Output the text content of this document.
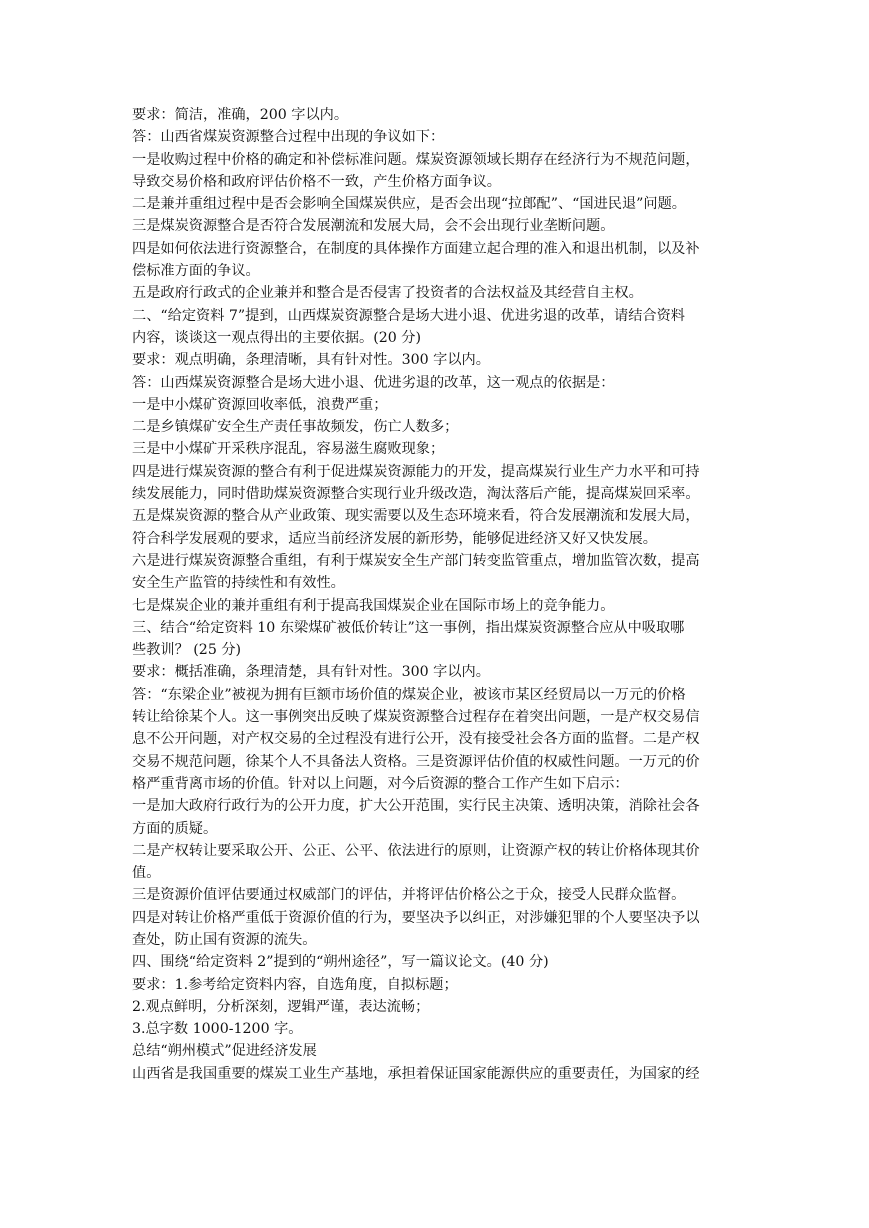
要求：简洁，准确，200 字以内。
答：山西省煤炭资源整合过程中出现的争议如下：
一是收购过程中价格的确定和补偿标准问题。煤炭资源领域长期存在经济行为不规范问题，
导致交易价格和政府评估价格不一致，产生价格方面争议。
二是兼并重组过程中是否会影响全国煤炭供应，是否会出现“拉郎配”、“国进民退”问题。
三是煤炭资源整合是否符合发展潮流和发展大局，会不会出现行业垄断问题。
四是如何依法进行资源整合，在制度的具体操作方面建立起合理的准入和退出机制，以及补
偿标准方面的争议。
五是政府行政式的企业兼并和整合是否侵害了投资者的合法权益及其经营自主权。
二、“给定资料 7”提到，山西煤炭资源整合是场大进小退、优进劣退的改革，请结合资料
内容，谈谈这一观点得出的主要依据。(20 分)
要求：观点明确，条理清晰，具有针对性。300 字以内。
答：山西煤炭资源整合是场大进小退、优进劣退的改革，这一观点的依据是：
一是中小煤矿资源回收率低，浪费严重；
二是乡镇煤矿安全生产责任事故频发，伤亡人数多；
三是中小煤矿开采秩序混乱，容易滋生腐败现象；
四是进行煤炭资源的整合有利于促进煤炭资源能力的开发，提高煤炭行业生产力水平和可持
续发展能力，同时借助煤炭资源整合实现行业升级改造，淘汰落后产能，提高煤炭回采率。
五是煤炭资源的整合从产业政策、现实需要以及生态环境来看，符合发展潮流和发展大局，
符合科学发展观的要求，适应当前经济发展的新形势，能够促进经济又好又快发展。
六是进行煤炭资源整合重组，有利于煤炭安全生产部门转变监管重点，增加监管次数，提高
安全生产监管的持续性和有效性。
七是煤炭企业的兼并重组有利于提高我国煤炭企业在国际市场上的竞争能力。
三、结合“给定资料 10 东梁煤矿被低价转让”这一事例，指出煤炭资源整合应从中吸取哪
些教训？ (25 分)
要求：概括准确，条理清楚，具有针对性。300 字以内。
答：“东梁企业”被视为拥有巨额市场价值的煤炭企业，被该市某区经贸局以一万元的价格
转让给徐某个人。这一事例突出反映了煤炭资源整合过程存在着突出问题，一是产权交易信
息不公开问题，对产权交易的全过程没有进行公开，没有接受社会各方面的监督。二是产权
交易不规范问题，徐某个人不具备法人资格。三是资源评估价值的权威性问题。一万元的价
格严重背离市场的价值。针对以上问题，对今后资源的整合工作产生如下启示：
一是加大政府行政行为的公开力度，扩大公开范围，实行民主决策、透明决策，消除社会各
方面的质疑。
二是产权转让要采取公开、公正、公平、依法进行的原则，让资源产权的转让价格体现其价
值。
三是资源价值评估要通过权威部门的评估，并将评估价格公之于众，接受人民群众监督。
四是对转让价格严重低于资源价值的行为，要坚决予以纠正，对涉嫌犯罪的个人要坚决予以
查处，防止国有资源的流失。
四、围绕“给定资料 2”提到的“朔州途径”，写一篇议论文。(40 分)
要求：1.参考给定资料内容，自选角度，自拟标题；
2.观点鲜明，分析深刻，逻辑严谨，表达流畅；
3.总字数 1000-1200 字。
总结“朔州模式”促进经济发展
山西省是我国重要的煤炭工业生产基地，承担着保证国家能源供应的重要责任，为国家的经
